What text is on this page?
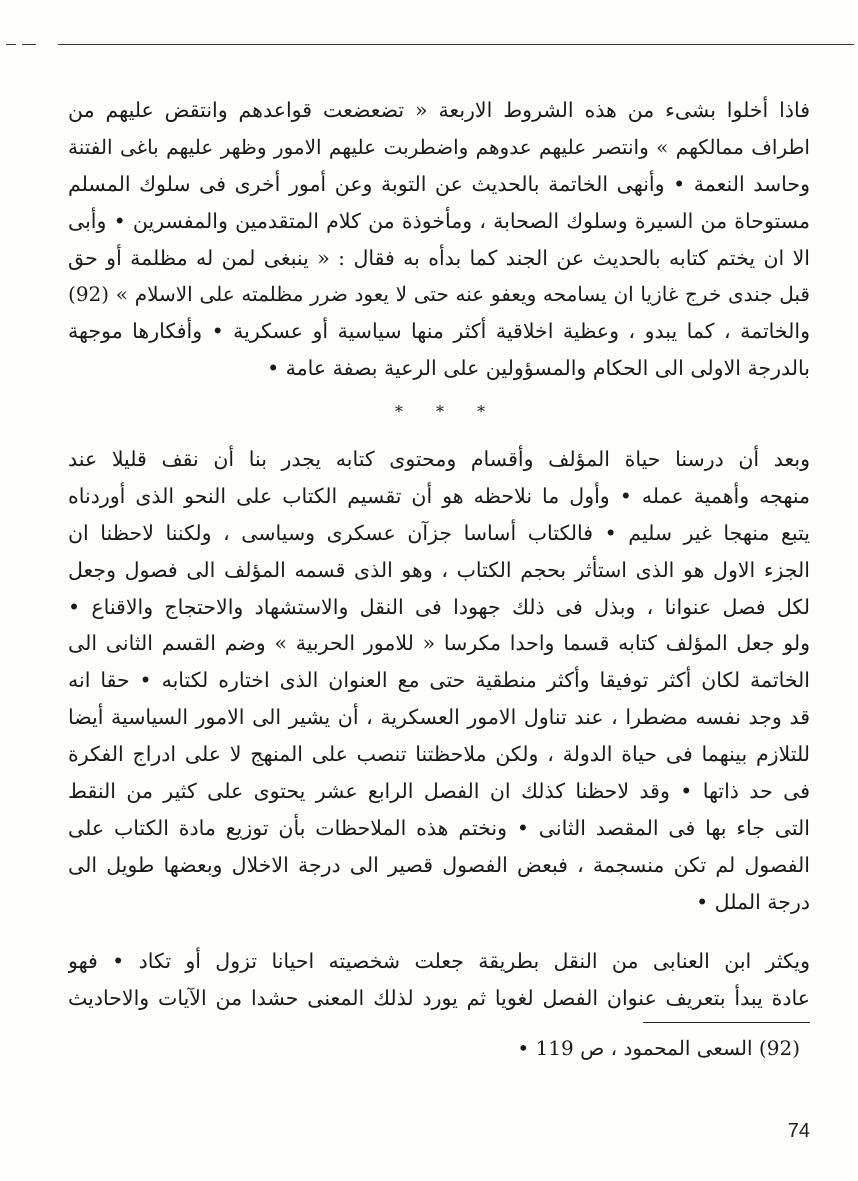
فاذا أخلوا بشىء من هذه الشروط الاربعة « تضعضعت قواعدهم وانتقض عليهم من
اطراف ممالكهم » وانتصر عليهم عدوهم واضطربت عليهم الامور وظهر عليهم باغى الفتنة
وحاسد النعمة • وأنهى الخاتمة بالحديث عن التوبة وعن أمور أخرى فى سلوك المسلم
مستوحاة من السيرة وسلوك الصحابة ، ومأخوذة من كلام المتقدمين والمفسرين • وأبى
الا ان يختم كتابه بالحديث عن الجند كما بدأه به فقال : « ينبغى لمن له مظلمة أو حق
قبل جندى خرج غازيا ان يسامحه ويعفو عنه حتى لا يعود ضرر مظلمته على الاسلام » (92)
والخاتمة ، كما يبدو ، وعظية اخلاقية أكثر منها سياسية أو عسكرية • وأفكارها موجهة
بالدرجة الاولى الى الحكام والمسؤولين على الرعية بصفة عامة •
* * *
وبعد أن درسنا حياة المؤلف وأقسام ومحتوى كتابه يجدر بنا أن نقف قليلا عند
منهجه وأهمية عمله • وأول ما نلاحظه هو أن تقسيم الكتاب على النحو الذى أوردناه
يتبع منهجا غير سليم • فالكتاب أساسا جزآن عسكرى وسياسى ، ولكننا لاحظنا ان
الجزء الاول هو الذى استأثر بحجم الكتاب ، وهو الذى قسمه المؤلف الى فصول وجعل
لكل فصل عنوانا ، وبذل فى ذلك جهودا فى النقل والاستشهاد والاحتجاج والاقناع •
ولو جعل المؤلف كتابه قسما واحدا مكرسا « للامور الحربية » وضم القسم الثانى الى
الخاتمة لكان أكثر توفيقا وأكثر منطقية حتى مع العنوان الذى اختاره لكتابه • حقا انه
قد وجد نفسه مضطرا ، عند تناول الامور العسكرية ، أن يشير الى الامور السياسية أيضا
للتلازم بينهما فى حياة الدولة ، ولكن ملاحظتنا تنصب على المنهج لا على ادراج الفكرة
فى حد ذاتها • وقد لاحظنا كذلك ان الفصل الرابع عشر يحتوى على كثير من النقط
التى جاء بها فى المقصد الثانى • ونختم هذه الملاحظات بأن توزيع مادة الكتاب على
الفصول لم تكن منسجمة ، فبعض الفصول قصير الى درجة الاخلال وبعضها طويل الى
درجة الملل •
ويكثر ابن العنابى من النقل بطريقة جعلت شخصيته احيانا تزول أو تكاد • فهو
عادة يبدأ بتعريف عنوان الفصل لغويا ثم يورد لذلك المعنى حشدا من الآيات والاحاديث
(92) السعى المحمود ، ص 119 •
74
